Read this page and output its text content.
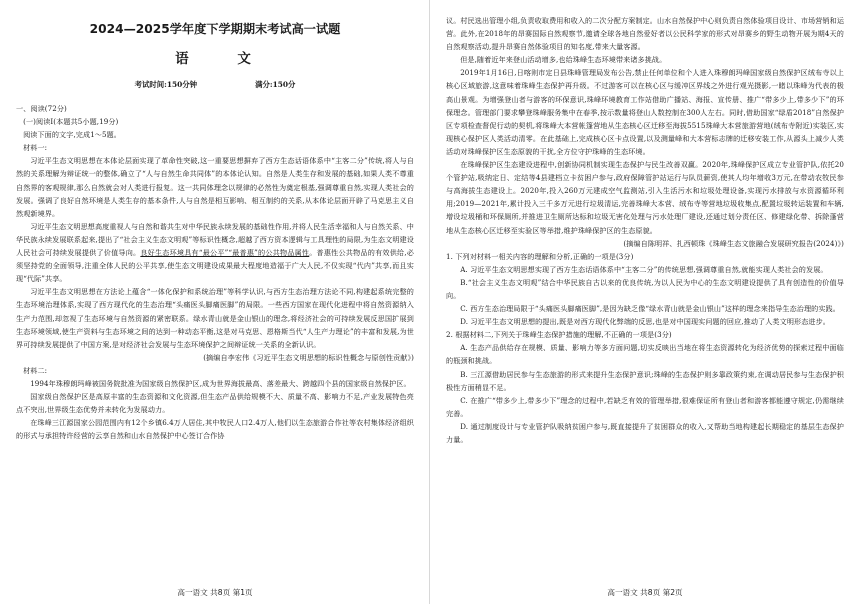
2024—2025学年度下学期期末考试高一试题
语 文
考试时间:150分钟	满分:150分

一、阅读(72分)

(一)阅读Ⅰ(本题共5小题,19分)

阅读下面的文字,完成1～5题。

材料一:

习近平生态文明思想在本体论层面实现了革命性突破,这一重要思想摒弃了西方生态话语体系中“主客二分”传统,将人与自然的关系理解为辩证统一的整体,确立了“人与自然生命共同体”的本体论认知。自然是人类生存和发展的基础,如果人类不尊重自然界的客观规律,那么自然就会对人类进行报复。这一共同体理念以规律的必然性为奠定根基,强调尊重自然,实现人类社会的发展。强调了良好自然环境是人类生存的基本条件,人与自然是相互影响、相互制约的关系,从本体论层面开辟了马克思主义自然观新境界。

习近平生态文明思想高度重视人与自然和谐共生对中华民族永续发展的基础性作用,并将人民生活幸福和人与自然关系、中华民族永续发展联系起来,提出了“社会主义生态文明观”等标识性概念,超越了西方资本逻辑与工具理性的局限,为生态文明建设人民社会可持续发展提供了价值导向。良好生态环境具有“最公平”“最普惠”的公共物品属性。普惠性公共物品的有效供给,必须坚持党的全面领导,注重全体人民的公平共享,使生态文明建设成果最大程度地造福于广大人民,不仅实现“代内”共享,而且实现“代际”共享。

习近平生态文明思想在方法论上蕴含“一体化保护和系统治理”等科学认识,与西方生态治理方法论不同,构建起系统完整的生态环境治理体系,实现了西方现代化的生态治理“头痛医头脚痛医脚”的局限。一些西方国家在现代化进程中将自然资源纳入生产力范围,却忽视了生态环境与自然资源的紧密联系。绿水青山就是金山银山的理念,将经济社会的可持续发展反思国扩展到生态环境领域,使生产资料与生态环境之间的达到一种动态平衡,这是对马克思、恩格斯当代“人生产力理论”的丰富和发展,为世界可持续发展提供了中国方案,是对经济社会发展与生态环境保护之间辩证统一关系的全新认识。

(摘编自李宏伟《习近平生态文明思想的标识性概念与原创性贡献》)

材料二:

1994年珠穆朗玛峰被国务院批准为国家级自然保护区,成为世界海拔最高、落差最大、跨越四个县的国家级自然保护区。

国家级自然保护区是高原丰富的生态资源和文化资源,但生态产品供给规模不大、质量不高、影响力不足,产业发展特色亮点不突出,世界级生态优势并未转化为发展动力。

在珠峰三江源国家公园范围内有12个乡镇6.4万人居住,其中牧民人口2.4万人,他们以生态旅游合作社等农村集体经济组织的形式与承担特许经营的云享自然和山水自然保护中心签订合作协

高一语文 共8页 第1页

议。村民选出管理小组,负责收取费用和收入的二次分配方案制定。山水自然保护中心则负责自然体验项目设计、市场营销和运营。此外,在2018年的昂赛国际自然观察节,邀请全球各地自然爱好者以公民科学家的形式对昂赛乡的野生动物开展为期4天的自然观察活动,提升昂赛自然体验项目的知名度,带来大量客源。

但是,随着近年来登山活动增多,也给珠峰生态环境带来诸多挑战。

2019年1月16日,日喀则市定日县珠峰管理局发布公告,禁止任何单位和个人进入珠穆朗玛峰国家级自然保护区绒布寺以上核心区域旅游,这意味着珠峰生态保护再升级。不过游客可以在核心区与缓冲区界线之外进行观光摄影,一睹以珠峰为代表的极高山景观。为增强登山者与游客的环保意识,珠峰环境教育工作站借助广播站、海报、宣传册、推广“带多少上,带多少下”的环保理念。管理部门要求攀登珠峰服务集中在春季,按示数量将登山人数控制在300人左右。同时,借助国家“绿盾2018”自然保护区专项检查督促行动的契机,将珠峰大本营帐篷营地从生态核心区迁移至海拔5515珠峰大本营旅游营地(绒布寺附近)实装区,实现核心保护区人类活动清零。在此基础上,完成核心区卡点设置,以及测量峰和大本营标志牌的迁移安装工作,从源头上减少人类活动对珠峰保护区生态原貌的干扰,全方位守护珠峰的生态环境。

在珠峰保护区生态建设进程中,创新协同机制实现生态保护与民生改善双赢。2020年,珠峰保护区成立专业管护队,依托20个管护站,吸纳定日、定结等4县建档立卡贫困户参与,政府保障管护站运行与队员薪资,使其人均年增收3万元,在带动农牧民参与高海拔生态建设上。2020年,投入260万元建成空气监测站,引入生活污水和垃圾处理设备,实现污水排放与水资源循环利用;2019—2021年,累计投入三千多万元进行垃圾清运,完善珠峰大本营、绒布寺等营地垃圾收集点,配置垃圾转运装置和车辆,增设垃圾桶和环保厕所,并推进卫生厕所达标和垃圾无害化处理与污水处理厂建设,还通过划分责任区、修建绿化带、拆除蓬营地从生态核心区迁移至实验区等举措,维护珠峰保护区的生态原貌。

(摘编自陈明祥、扎西顿珠《珠峰生态文旅融合发展研究报告(2024)》)

1. 下列对材料一相关内容的理解和分析,正确的一项是(3分)

A. 习近平生态文明思想实现了西方生态话语体系中“主客二分”的传统思想,强调尊重自然,就能实现人类社会的发展。

B.“社会主义生态文明观”结合中华民族自古以来的优良传统,为以人民为中心的生态文明建设提供了具有创造性的价值导向。

C. 西方生态治理局限于“头痛医头脚痛医脚”,是因为缺乏像“绿水青山就是金山银山”这样的理念来指导生态治理的实践。

D. 习近平生态文明思想的提出,既是对西方现代化弊端的反思,也是对中国现实问题的回应,推动了人类文明形态进步。

2. 根据材料二,下列关于珠峰生态保护措施的理解,不正确的一项是(3分)

A. 生态产品供给存在规模、质量、影响力等多方面问题,切实反映出当地在将生态资源转化为经济优势的探索过程中面临的瓶颈和挑战。

B. 三江源借助居民参与生态旅游的形式来提升生态保护意识;珠峰的生态保护则多靠政策约束,在调动居民参与生态保护积极性方面稍显不足。

C. 在推广“带多少上,带多少下”理念的过程中,若缺乏有效的管理举措,很难保证所有登山者和游客都能遵守规定,仍需继续完善。

D. 通过制度设计与专业管护队吸纳贫困户参与,既直接提升了贫困群众的收入,又帮助当地构建起长期稳定的基层生态保护力量。

高一语文 共8页 第2页
